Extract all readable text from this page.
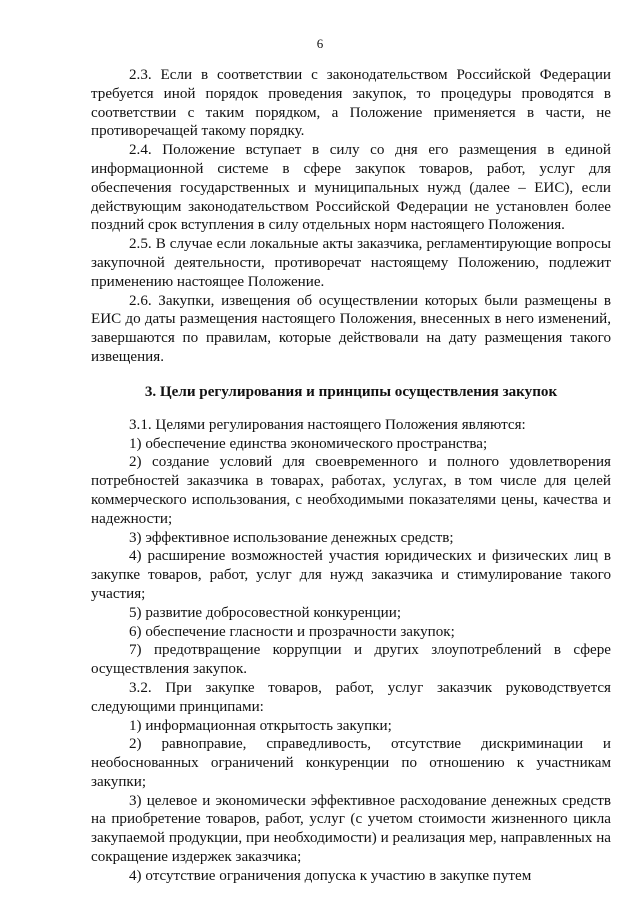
6

2.3. Если в соответствии с законодательством Российской Федерации требуется иной порядок проведения закупок, то процедуры проводятся в соответствии с таким порядком, а Положение применяется в части, не противоречащей такому порядку.

2.4. Положение вступает в силу со дня его размещения в единой информационной системе в сфере закупок товаров, работ, услуг для обеспечения государственных и муниципальных нужд (далее – ЕИС), если действующим законодательством Российской Федерации не установлен более поздний срок вступления в силу отдельных норм настоящего Положения.

2.5. В случае если локальные акты заказчика, регламентирующие вопросы закупочной деятельности, противоречат настоящему Положению, подлежит применению настоящее Положение.

2.6. Закупки, извещения об осуществлении которых были размещены в ЕИС до даты размещения настоящего Положения, внесенных в него изменений, завершаются по правилам, которые действовали на дату размещения такого извещения.

3. Цели регулирования и принципы осуществления закупок

3.1. Целями регулирования настоящего Положения являются:

1) обеспечение единства экономического пространства;

2) создание условий для своевременного и полного удовлетворения потребностей заказчика в товарах, работах, услугах, в том числе для целей коммерческого использования, с необходимыми показателями цены, качества и надежности;

3) эффективное использование денежных средств;

4) расширение возможностей участия юридических и физических лиц в закупке товаров, работ, услуг для нужд заказчика и стимулирование такого участия;

5) развитие добросовестной конкуренции;

6) обеспечение гласности и прозрачности закупок;

7) предотвращение коррупции и других злоупотреблений в сфере осуществления закупок.

3.2. При закупке товаров, работ, услуг заказчик руководствуется следующими принципами:

1) информационная открытость закупки;

2) равноправие, справедливость, отсутствие дискриминации и необоснованных ограничений конкуренции по отношению к участникам закупки;

3) целевое и экономически эффективное расходование денежных средств на приобретение товаров, работ, услуг (с учетом стоимости жизненного цикла закупаемой продукции, при необходимости) и реализация мер, направленных на сокращение издержек заказчика;

4) отсутствие ограничения допуска к участию в закупке путем
